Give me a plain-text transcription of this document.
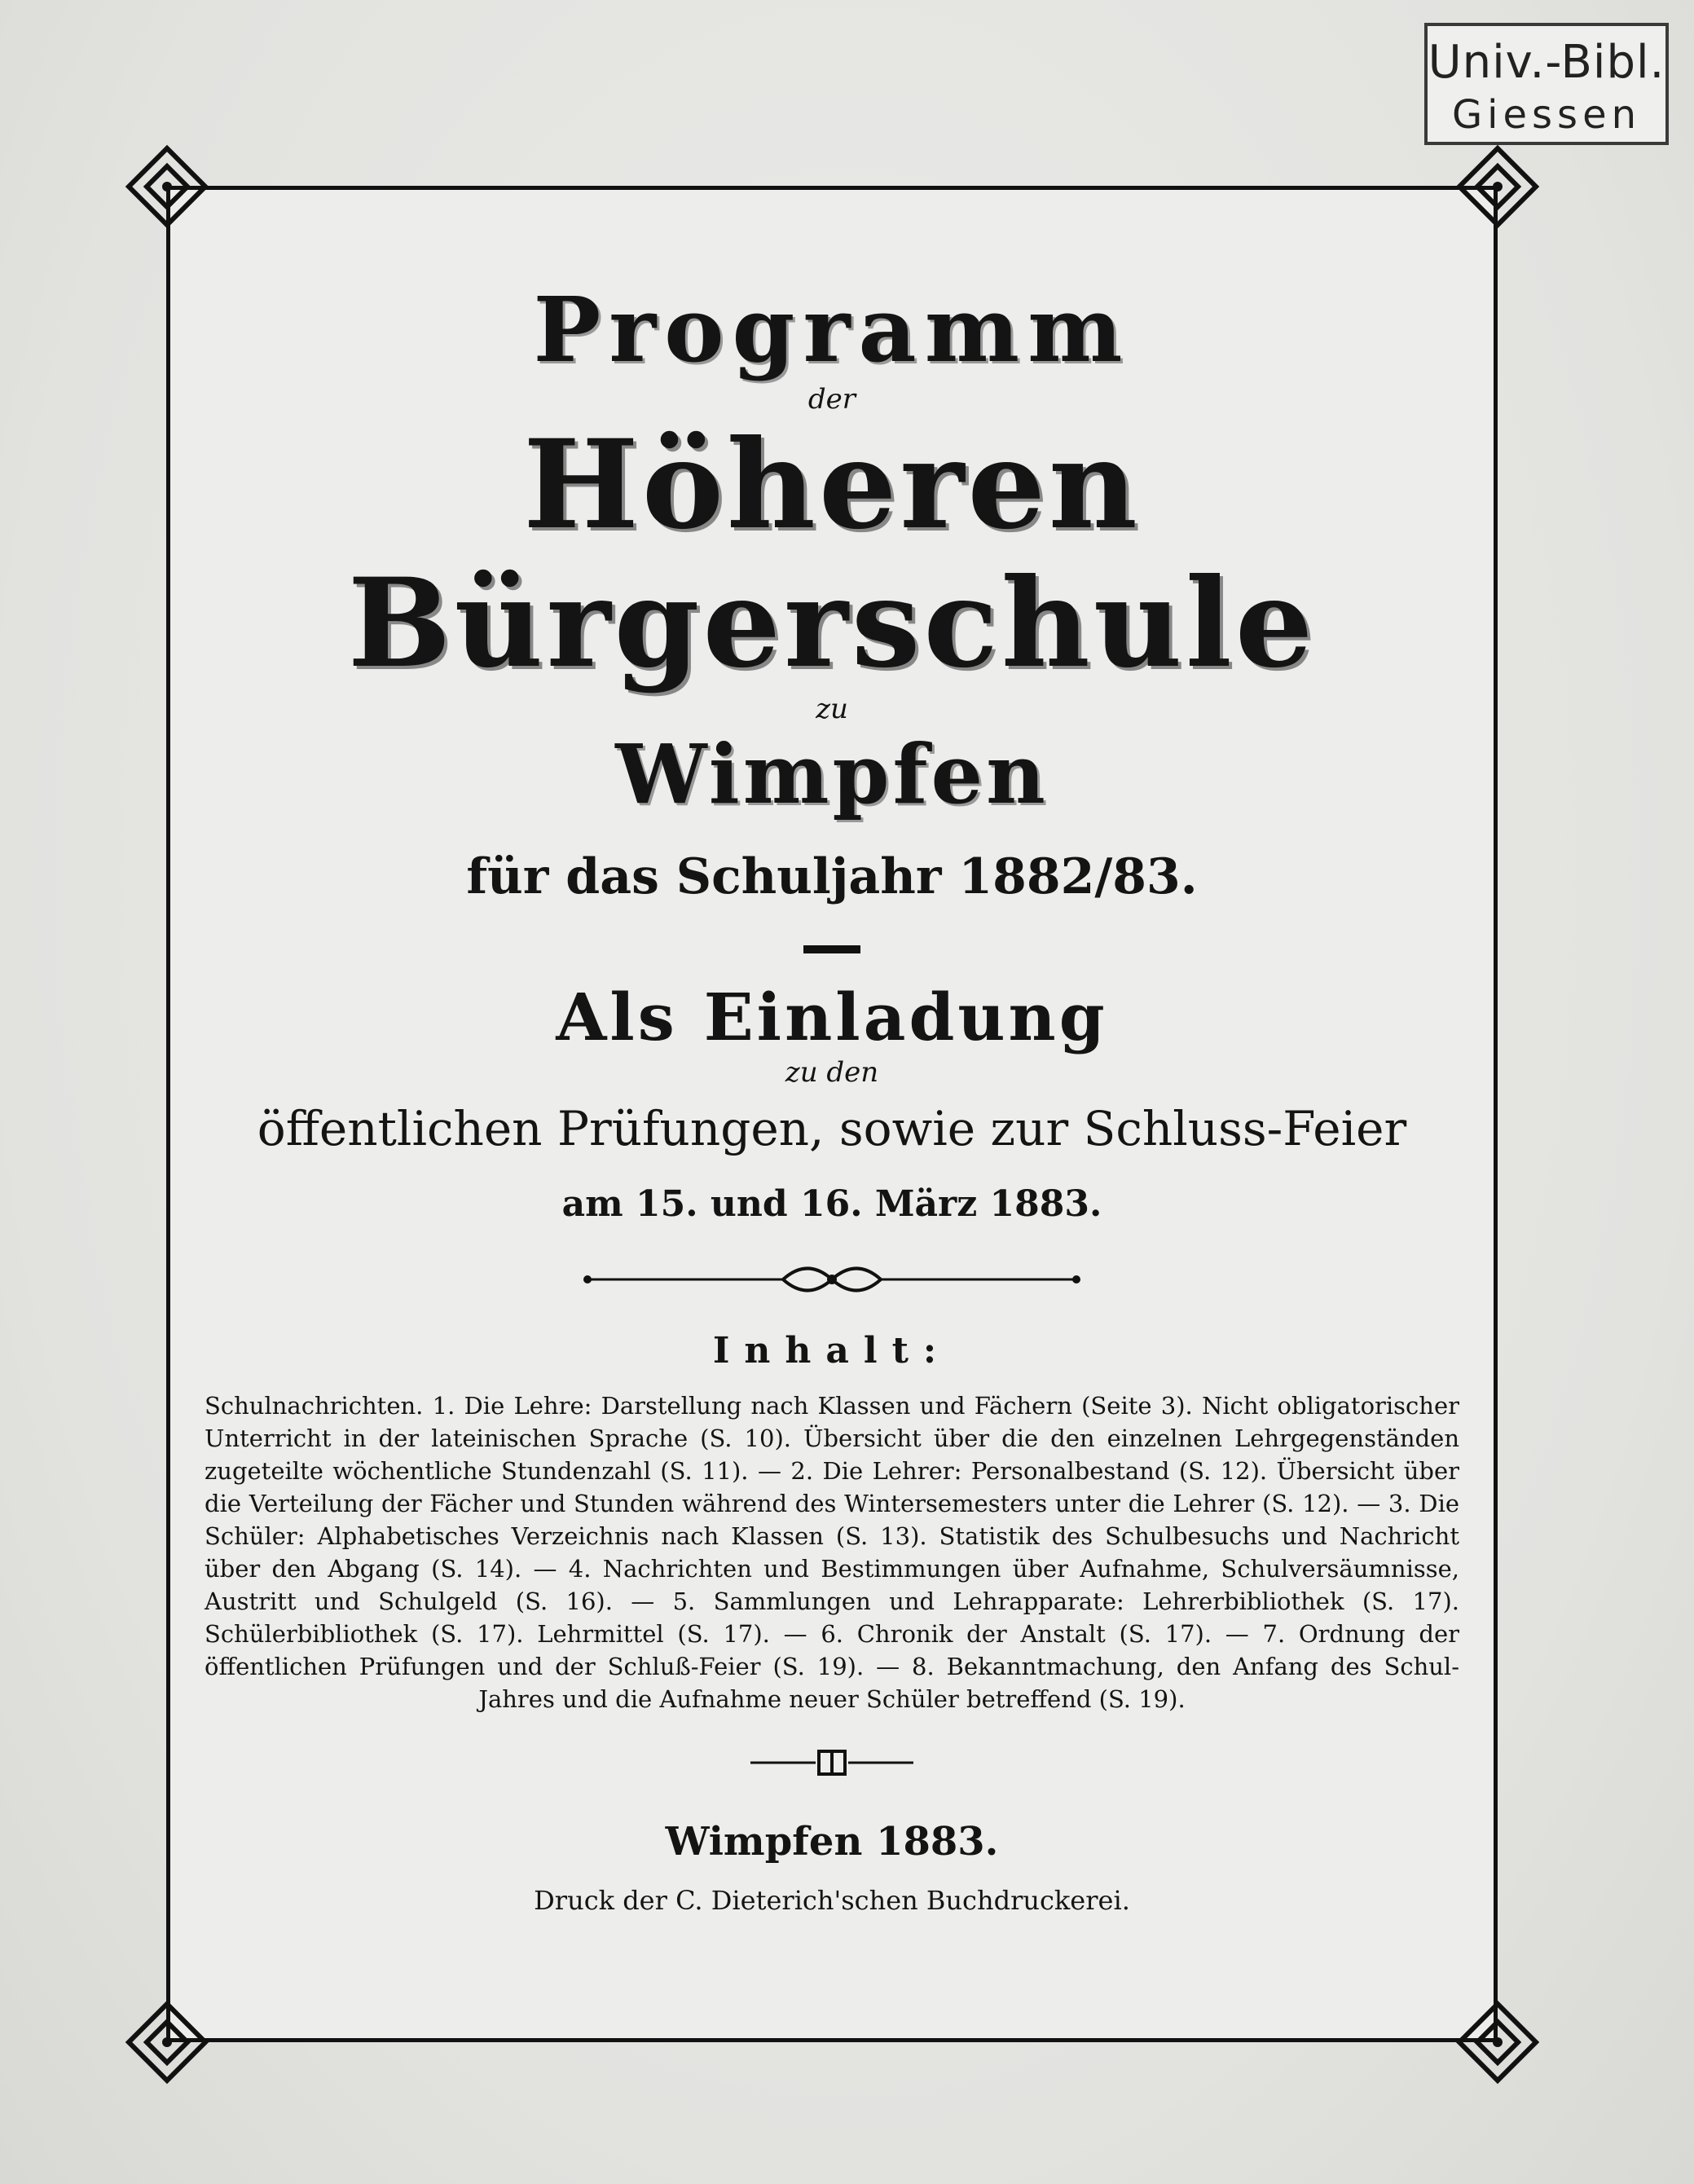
Univ.-Bibl.
Giessen

Programm

der

Höheren Bürgerschule

zu

Wimpfen

für das Schuljahr 1882/83.

Als Einladung

zu den

öffentlichen Prüfungen, sowie zur Schluss-Feier

am 15. und 16. März 1883.

Inhalt:

Schulnachrichten. 1. Die Lehre: Darstellung nach Klassen und Fächern (Seite 3). Nicht obligatorischer Unterricht in der lateinischen Sprache (S. 10). Übersicht über die den einzelnen Lehrgegenständen zugeteilte wöchentliche Stundenzahl (S. 11). — 2. Die Lehrer: Personalbestand (S. 12). Übersicht über die Verteilung der Fächer und Stunden während des Wintersemesters unter die Lehrer (S. 12). — 3. Die Schüler: Alphabetisches Verzeichnis nach Klassen (S. 13). Statistik des Schulbesuchs und Nachricht über den Abgang (S. 14). — 4. Nachrichten und Bestimmungen über Aufnahme, Schulversäumnisse, Austritt und Schulgeld (S. 16). — 5. Sammlungen und Lehrapparate: Lehrerbibliothek (S. 17). Schülerbibliothek (S. 17). Lehrmittel (S. 17). — 6. Chronik der Anstalt (S. 17). — 7. Ordnung der öffentlichen Prüfungen und der Schluß-Feier (S. 19). — 8. Bekanntmachung, den Anfang des Schul-Jahres und die Aufnahme neuer Schüler betreffend (S. 19).

Wimpfen 1883.

Druck der C. Dieterich'schen Buchdruckerei.
